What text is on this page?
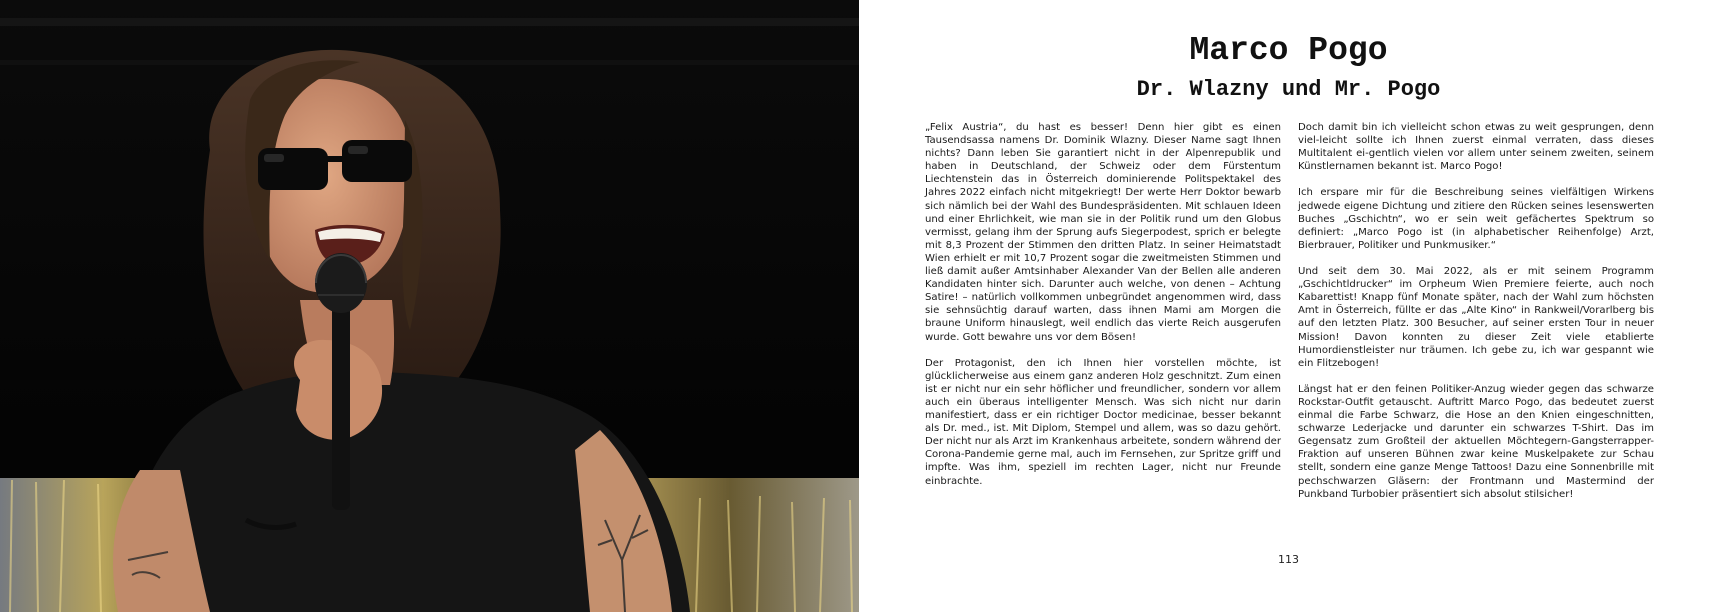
Marco Pogo
Dr. Wlazny und Mr. Pogo

„Felix Austria“, du hast es besser! Denn hier gibt es einen Tausendsassa namens Dr. Dominik Wlazny. Dieser Name sagt Ihnen nichts? Dann leben Sie garantiert nicht in der Alpenrepublik und haben in Deutschland, der Schweiz oder dem Fürstentum Liechtenstein das in Österreich dominierende Politspektakel des Jahres 2022 einfach nicht mitgekriegt! Der werte Herr Doktor bewarb sich nämlich bei der Wahl des Bundespräsidenten. Mit schlauen Ideen und einer Ehrlichkeit, wie man sie in der Politik rund um den Globus vermisst, gelang ihm der Sprung aufs Siegerpodest, sprich er belegte mit 8,3 Prozent der Stimmen den dritten Platz. In seiner Heimatstadt Wien erhielt er mit 10,7 Prozent sogar die zweitmeisten Stimmen und ließ damit außer Amtsinhaber Alexander Van der Bellen alle anderen Kandidaten hinter sich. Darunter auch welche, von denen – Achtung Satire! – natürlich vollkommen unbegründet angenommen wird, dass sie sehnsüchtig darauf warten, dass ihnen Mami am Morgen die braune Uniform hinauslegt, weil endlich das vierte Reich ausgerufen wurde. Gott bewahre uns vor dem Bösen!

Der Protagonist, den ich Ihnen hier vorstellen möchte, ist glücklicherweise aus einem ganz anderen Holz geschnitzt. Zum einen ist er nicht nur ein sehr höflicher und freundlicher, sondern vor allem auch ein überaus intelligenter Mensch. Was sich nicht nur darin manifestiert, dass er ein richtiger Doctor medicinae, besser bekannt als Dr. med., ist. Mit Diplom, Stempel und allem, was so dazu gehört. Der nicht nur als Arzt im Krankenhaus arbeitete, sondern während der Corona-Pandemie gerne mal, auch im Fernsehen, zur Spritze griff und impfte. Was ihm, speziell im rechten Lager, nicht nur Freunde einbrachte.

Doch damit bin ich vielleicht schon etwas zu weit gesprungen, denn viel-leicht sollte ich Ihnen zuerst einmal verraten, dass dieses Multitalent ei-gentlich vielen vor allem unter seinem zweiten, seinem Künstlernamen bekannt ist. Marco Pogo!

Ich erspare mir für die Beschreibung seines vielfältigen Wirkens jedwede eigene Dichtung und zitiere den Rücken seines lesenswerten Buches „Gschichtn“, wo er sein weit gefächertes Spektrum so definiert: „Marco Pogo ist (in alphabetischer Reihenfolge) Arzt, Bierbrauer, Politiker und Punkmusiker.“

Und seit dem 30. Mai 2022, als er mit seinem Programm „Gschichtldrucker“ im Orpheum Wien Premiere feierte, auch noch Kabarettist! Knapp fünf Monate später, nach der Wahl zum höchsten Amt in Österreich, füllte er das „Alte Kino“ in Rankweil/Vorarlberg bis auf den letzten Platz. 300 Besucher, auf seiner ersten Tour in neuer Mission! Davon konnten zu dieser Zeit viele etablierte Humordienstleister nur träumen. Ich gebe zu, ich war gespannt wie ein Flitzebogen!

Längst hat er den feinen Politiker-Anzug wieder gegen das schwarze Rockstar-Outfit getauscht. Auftritt Marco Pogo, das bedeutet zuerst einmal die Farbe Schwarz, die Hose an den Knien eingeschnitten, schwarze Lederjacke und darunter ein schwarzes T-Shirt. Das im Gegensatz zum Großteil der aktuellen Möchtegern-Gangsterrapper-Fraktion auf unseren Bühnen zwar keine Muskelpakete zur Schau stellt, sondern eine ganze Menge Tattoos! Dazu eine Sonnenbrille mit pechschwarzen Gläsern: der Frontmann und Mastermind der Punkband Turbobier präsentiert sich absolut stilsicher!

113
